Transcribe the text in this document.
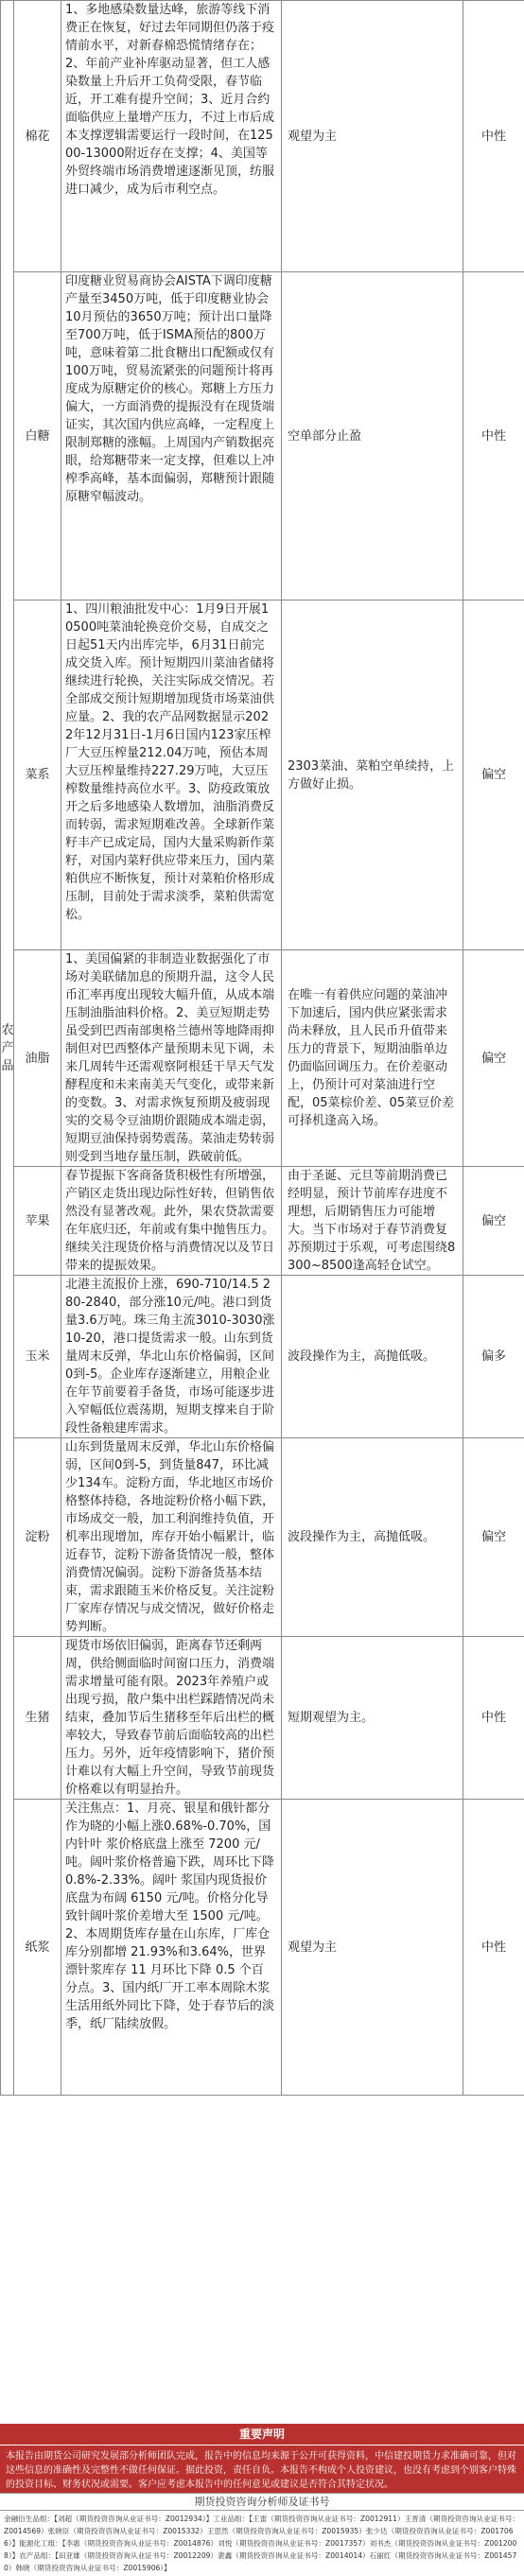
农产品	棉花	1、多地感染数量达峰，旅游等线下消费正在恢复，好过去年同期但仍落于疫情前水平，对新春棉恐慌情绪存在；2、年前产业补库驱动显著，但工人感染数量上升后开工负荷受限，春节临近，开工难有提升空间；3、近月合约面临供应上量增产压力，不过上市后成本支撑逻辑需要运行一段时间，在12500-13000附近存在支撑；4、美国等外贸终端市场消费增速逐渐见顶，纺服进口减少，成为后市利空点。	观望为主	中性
	白糖	印度糖业贸易商协会AISTA下调印度糖产量至3450万吨，低于印度糖业协会10月预估的3650万吨；预计出口量降至700万吨，低于ISMA预估的800万吨，意味着第二批食糖出口配额或仅有100万吨，贸易流紧张的问题预计将再度成为原糖定价的核心。郑糖上方压力偏大，一方面消费的提振没有在现货端证实，其次国内供应高峰，一定程度上限制郑糖的涨幅。上周国内产销数据亮眼，给郑糖带来一定支撑，但难以上冲榨季高峰，基本面偏弱，郑糖预计跟随原糖窄幅波动。	空单部分止盈	中性
	菜系	1、四川粮油批发中心：1月9日开展10500吨菜油轮换竞价交易，自成交之日起51天内出库完毕，6月31日前完成交货入库。预计短期四川菜油省储将继续进行轮换，关注实际成交情况。若全部成交预计短期增加现货市场菜油供应量。2、我的农产品网数据显示2022年12月31日-1月6日国内123家压榨厂大豆压榨量212.04万吨，预估本周大豆压榨量维持227.29万吨，大豆压榨数量维持高位水平。3、防疫政策放开之后多地感染人数增加，油脂消费反而转弱，需求短期难改善。全球新作菜籽丰产已成定局，国内大量采购新作菜籽，对国内菜籽供应带来压力，国内菜粕供应不断恢复，预计对菜粕价格形成压制，目前处于需求淡季，菜粕供需宽松。	2303菜油、菜粕空单续持，上方做好止损。	偏空
	油脂	1、美国偏紧的非制造业数据强化了市场对美联储加息的预期升温，这令人民币汇率再度出现较大幅升值，从成本端压制油脂油料价格。2、美豆短期走势虽受到巴西南部奥格兰德州等地降雨抑制但对巴西整体产量预期未见下调，未来几周转牛还需观察阿根廷干旱天气发酵程度和未来南美天气变化，或带来新的变数。3、对需求恢复预期及疲弱现实的交易令豆油期价跟随成本端走弱，短期豆油保持弱势震荡。菜油走势转弱则受到当地存量压制，跌破前低。	在唯一有着供应问题的菜油冲下加速后，国内供应紧张需求尚未释放，且人民币升值带来压力的背景下，短期油脂单边仍面临回调压力。在价差驱动上，仍预计可对菜油进行空配，05菜棕价差、05菜豆价差可择机逢高入场。	偏空
	苹果	春节提振下客商备货积极性有所增强，产销区走货出现边际性好转，但销售依然没有显著改观。此外，果农贷款需要在年底归还，年前或有集中抛售压力。继续关注现货价格与消费情况以及节日带来的提振效果。	由于圣诞、元旦等前期消费已经明显，预计节前库存进度不理想，后期销售压力可能增大。当下市场对于春节消费复苏预期过于乐观，可考虑围绕8300~8500逢高轻仓试空。	偏空
	玉米	北港主流报价上涨，690-710/14.5 280-2840，部分涨10元/吨。港口到货量3.6万吨。珠三角主流3010-3030涨10-20，港口提货需求一般。山东到货量周末反弹，华北山东价格偏弱，区间0到-5。企业库存逐渐建立，用粮企业在年节前要着手备货，市场可能逐步进入窄幅低位震荡期，短期支撑来自于阶段性备粮建库需求。	波段操作为主，高抛低吸。	偏多
	淀粉	山东到货量周末反弹，华北山东价格偏弱，区间0到-5，到货量847，环比减少134车。淀粉方面，华北地区市场价格整体持稳，各地淀粉价格小幅下跌，市场成交一般，加工利润维持负值，开机率出现增加，库存开始小幅累计，临近春节，淀粉下游备货情况一般，整体消费情况偏弱。淀粉下游备货基本结束，需求跟随玉米价格反复。关注淀粉厂家库存情况与成交情况，做好价格走势判断。	波段操作为主，高抛低吸。	偏空
	生猪	现货市场依旧偏弱，距离春节还剩两周，供给侧面临时间窗口压力，消费端需求增量可能有限。2023年养殖户或出现亏损，散户集中出栏踩踏情况尚未结束，叠加节后生猪移至年后出栏的概率较大，导致春节前后面临较高的出栏压力。另外，近年疫情影响下，猪价预计难以有大幅上升空间，导致节前现货价格难以有明显抬升。	短期观望为主。	中性
	纸浆	关注焦点：1、月亮、银星和俄针都分作为晓的小幅上涨0.68%-0.70%，国内针叶 浆价格底盘上涨至 7200 元/吨。阔叶浆价格普遍下跌，周环比下降 0.8%-2.33%。阔叶 浆国内现货报价底盘为布阔 6150 元/吨。价格分化导致针阔叶浆价差增大至 1500 元/吨。2、本周期货库存量在山东库，厂库仓库分别都增 21.93%和3.64%，世界漂针浆库存 11 月环比下降 0.5 个百分点。3、国内纸厂开工率本周除木浆生活用纸外同比下降，处于春节后的淡季，纸厂陆续放假。	观望为主	中性
重要声明
本报告由期货公司研究发展部分析师团队完成，报告中的信息均来源于公开可获得资料，中信建投期货力求准确可靠，但对这些信息的准确性及完整性不做任何保证。据此投资，责任自负。本报告不构成个人投资建议，也没有考虑到个别客户特殊的投资目标、财务状况或需要。客户应考虑本报告中的任何意见或建议是否符合其特定状况。
期货投资咨询分析师及证书号
金融衍生品组：【刘超（期货投资咨询从业证书号：Z0012934）】工业品组：【王雷（期货投资咨询从业证书号：Z0012911）王晋清（期货投资咨询从业证书号：Z0014569）张晓臣（期货投资咨询从业证书号：Z0015332）王思然（期货投资咨询从业证书号：Z0015935）张少达（期货投资咨询从业证书号：Z0017066）】能源化工组：【李惠（期货投资咨询从业证书号：Z0014876）刘悦（期货投资咨询从业证书号：Z0017357）刘书杰（期货投资咨询从业证书号：Z0012008）】农产品组：【田亚雄（期货投资咨询从业证书号：Z0012209）裴鑫（期货投资咨询从业证书号：Z0014014）石丽红（期货投资咨询从业证书号：Z0014570）韩晓（期货投资咨询从业证书号：Z0015906）】
